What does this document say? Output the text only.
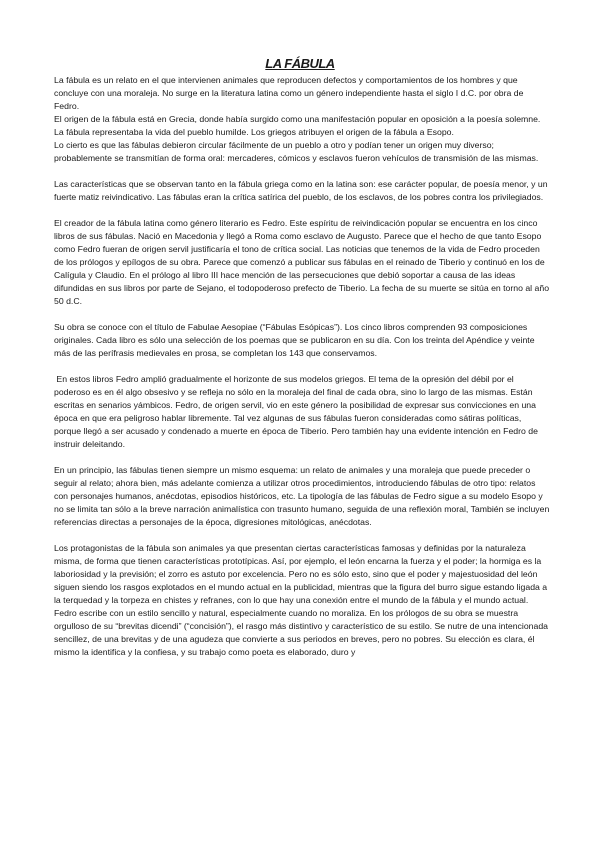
LA FÁBULA

La fábula es un relato en el que intervienen animales que reproducen defectos y comportamientos de los hombres y que concluye con una moraleja. No surge en la literatura latina como un género independiente hasta el siglo I d.C. por obra de Fedro.

El origen de la fábula está en Grecia, donde había surgido como una manifestación popular en oposición a la poesía solemne. La fábula representaba la vida del pueblo humilde. Los griegos atribuyen el origen de la fábula a Esopo.

Lo cierto es que las fábulas debieron circular fácilmente de un pueblo a otro y podían tener un origen muy diverso; probablemente se transmitían de forma oral: mercaderes, cómicos y esclavos fueron vehículos de transmisión de las mismas.

Las características que se observan tanto en la fábula griega como en la latina son: ese carácter popular, de poesía menor, y un fuerte matiz reivindicativo. Las fábulas eran la crítica satírica del pueblo, de los esclavos, de los pobres contra los privilegiados.

El creador de la fábula latina como género literario es Fedro. Este espíritu de reivindicación popular se encuentra en los cinco libros de sus fábulas. Nació en Macedonia y llegó a Roma como esclavo de Augusto. Parece que el hecho de que tanto Esopo como Fedro fueran de origen servil justificaría el tono de crítica social. Las noticias que tenemos de la vida de Fedro proceden de los prólogos y epílogos de su obra. Parece que comenzó a publicar sus fábulas en el reinado de Tiberio y continuó en los de Calígula y Claudio. En el prólogo al libro III hace mención de las persecuciones que debió soportar a causa de las ideas difundidas en sus libros por parte de Sejano, el todopoderoso prefecto de Tiberio. La fecha de su muerte se sitúa en torno al año 50 d.C.

Su obra se conoce con el título de Fabulae Aesopiae (“Fábulas Esópicas”). Los cinco libros comprenden 93 composiciones originales. Cada libro es sólo una selección de los poemas que se publicaron en su día. Con los treinta del Apéndice y veinte más de las perífrasis medievales en prosa, se completan los 143 que conservamos.

En estos libros Fedro amplió gradualmente el horizonte de sus modelos griegos. El tema de la opresión del débil por el poderoso es en él algo obsesivo y se refleja no sólo en la moraleja del final de cada obra, sino lo largo de las mismas. Están escritas en senarios yámbicos. Fedro, de origen servil, vio en este género la posibilidad de expresar sus convicciones en una época en que era peligroso hablar libremente. Tal vez algunas de sus fábulas fueron consideradas como sátiras políticas, porque llegó a ser acusado y condenado a muerte en época de Tiberio. Pero también hay una evidente intención en Fedro de instruir deleitando.

En un principio, las fábulas tienen siempre un mismo esquema: un relato de animales y una moraleja que puede preceder o seguir al relato; ahora bien, más adelante comienza a utilizar otros procedimientos, introduciendo fábulas de otro tipo: relatos con personajes humanos, anécdotas, episodios históricos, etc. La tipología de las fábulas de Fedro sigue a su modelo Esopo y no se limita tan sólo a la breve narración animalística con trasunto humano, seguida de una reflexión moral, También se incluyen referencias directas a personajes de la época, digresiones mitológicas, anécdotas.

Los protagonistas de la fábula son animales ya que presentan ciertas características famosas y definidas por la naturaleza misma, de forma que tienen características prototípicas. Así, por ejemplo, el león encarna la fuerza y el poder; la hormiga es la laboriosidad y la previsión; el zorro es astuto por excelencia. Pero no es sólo esto, sino que el poder y majestuosidad del león siguen siendo los rasgos explotados en el mundo actual en la publicidad, mientras que la figura del burro sigue estando ligada a la terquedad y la torpeza en chistes y refranes, con lo que hay una conexión entre el mundo de la fábula y el mundo actual. Fedro escribe con un estilo sencillo y natural, especialmente cuando no moraliza. En los prólogos de su obra se muestra orgulloso de su “brevitas dicendi” (“concisión”), el rasgo más distintivo y característico de su estilo. Se nutre de una intencionada sencillez, de una brevitas y de una agudeza que convierte a sus periodos en breves, pero no pobres. Su elección es clara, él mismo la identifica y la confiesa, y su trabajo como poeta es elaborado, duro y
